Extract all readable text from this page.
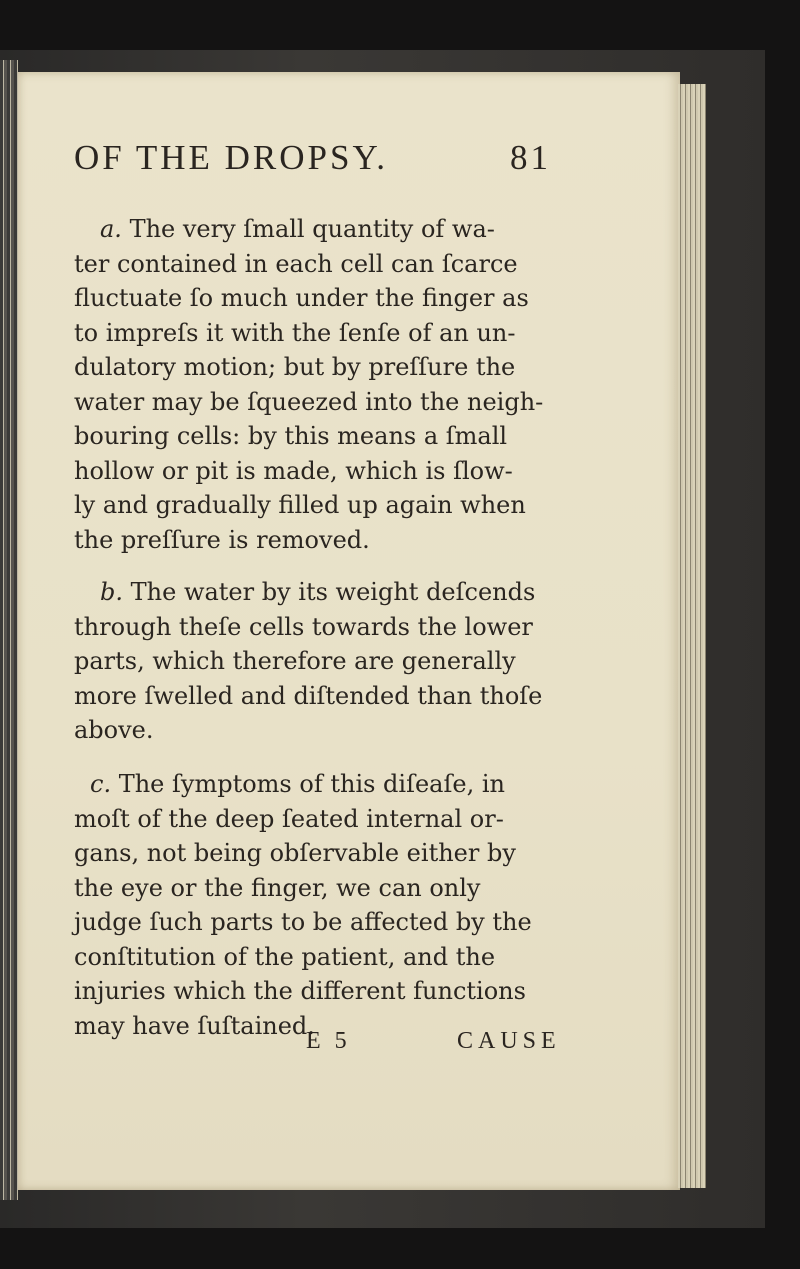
OF THE DROPSY.	81
a. The very ſmall quantity of wa-
ter contained in each cell can ſcarce
fluctuate ſo much under the finger as
to impreſs it with the ſenſe of an un-
dulatory motion; but by preſſure the
water may be ſqueezed into the neigh-
bouring cells: by this means a ſmall
hollow or pit is made, which is ſlow-
ly and gradually filled up again when
the preſſure is removed.
b. The water by its weight deſcends
through theſe cells towards the lower
parts, which therefore are generally
more ſwelled and diſtended than thoſe
above.
c. The ſymptoms of this diſeaſe, in
moſt of the deep ſeated internal or-
gans, not being obſervable either by
the eye or the finger, we can only
judge ſuch parts to be affected by the
conſtitution of the patient, and the
injuries which the different functions
may have ſuſtained.
E 5	CAUSE
